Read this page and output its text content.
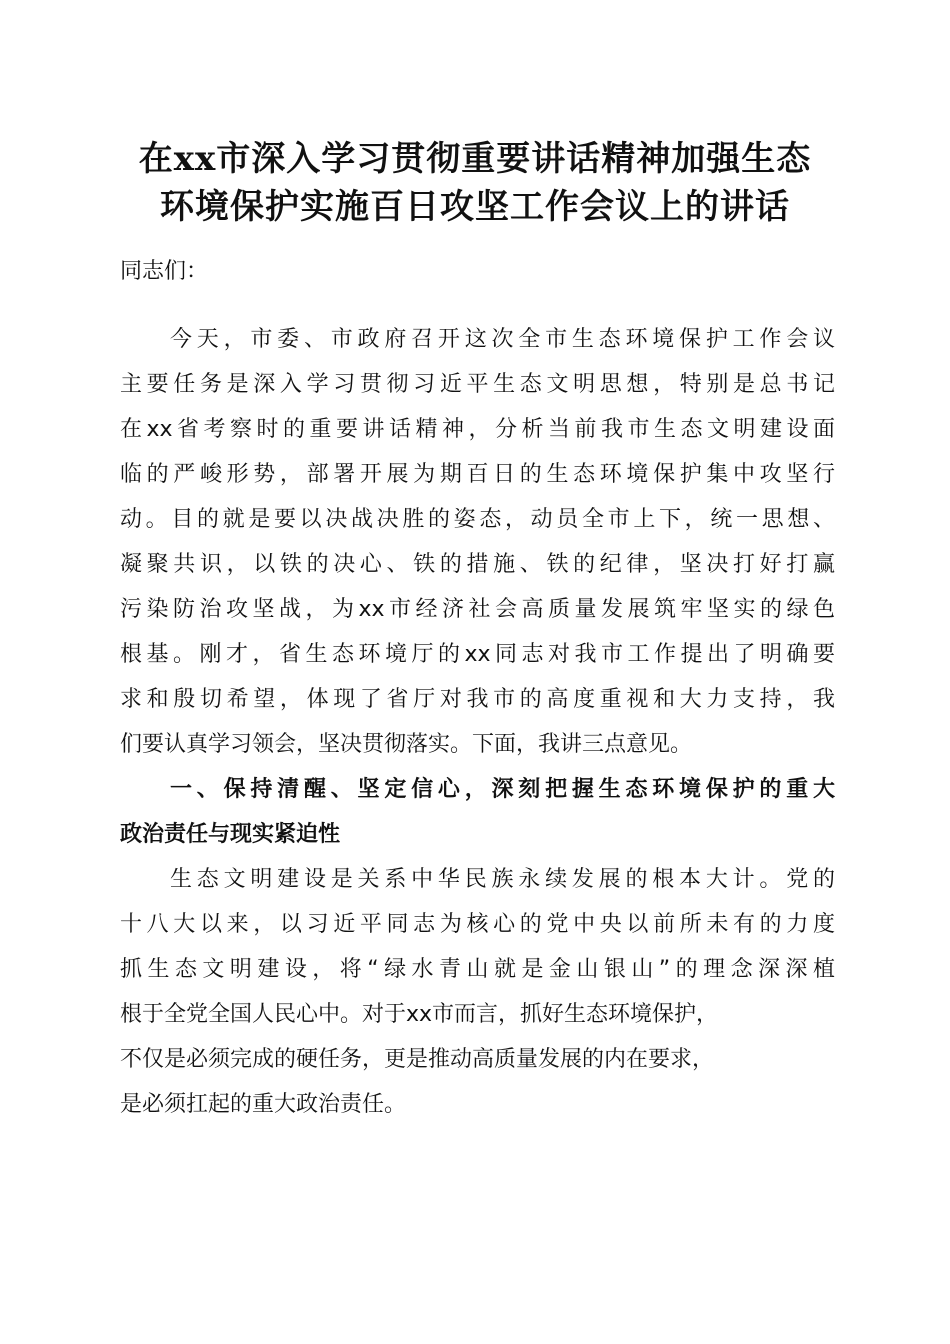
在xx市深入学习贯彻重要讲话精神加强生态
环境保护实施百日攻坚工作会议上的讲话

同志们：

今天，市委、市政府召开这次全市生态环境保护工作会议

主要任务是深入学习贯彻习近平生态文明思想，特别是总书记

在xx省考察时的重要讲话精神，分析当前我市生态文明建设面

临的严峻形势，部署开展为期百日的生态环境保护集中攻坚行

动。目的就是要以决战决胜的姿态，动员全市上下，统一思想、

凝聚共识，以铁的决心、铁的措施、铁的纪律，坚决打好打赢

污染防治攻坚战，为xx市经济社会高质量发展筑牢坚实的绿色

根基。刚才，省生态环境厅的xx同志对我市工作提出了明确要

求和殷切希望，体现了省厅对我市的高度重视和大力支持，我

们要认真学习领会，坚决贯彻落实。下面，我讲三点意见。

一、保持清醒、坚定信心，深刻把握生态环境保护的重大

政治责任与现实紧迫性

生态文明建设是关系中华民族永续发展的根本大计。党的

十八大以来，以习近平同志为核心的党中央以前所未有的力度

抓生态文明建设，将“绿水青山就是金山银山”的理念深深植

根于全党全国人民心中。对于xx市而言，抓好生态环境保护，

不仅是必须完成的硬任务，更是推动高质量发展的内在要求，

是必须扛起的重大政治责任。
